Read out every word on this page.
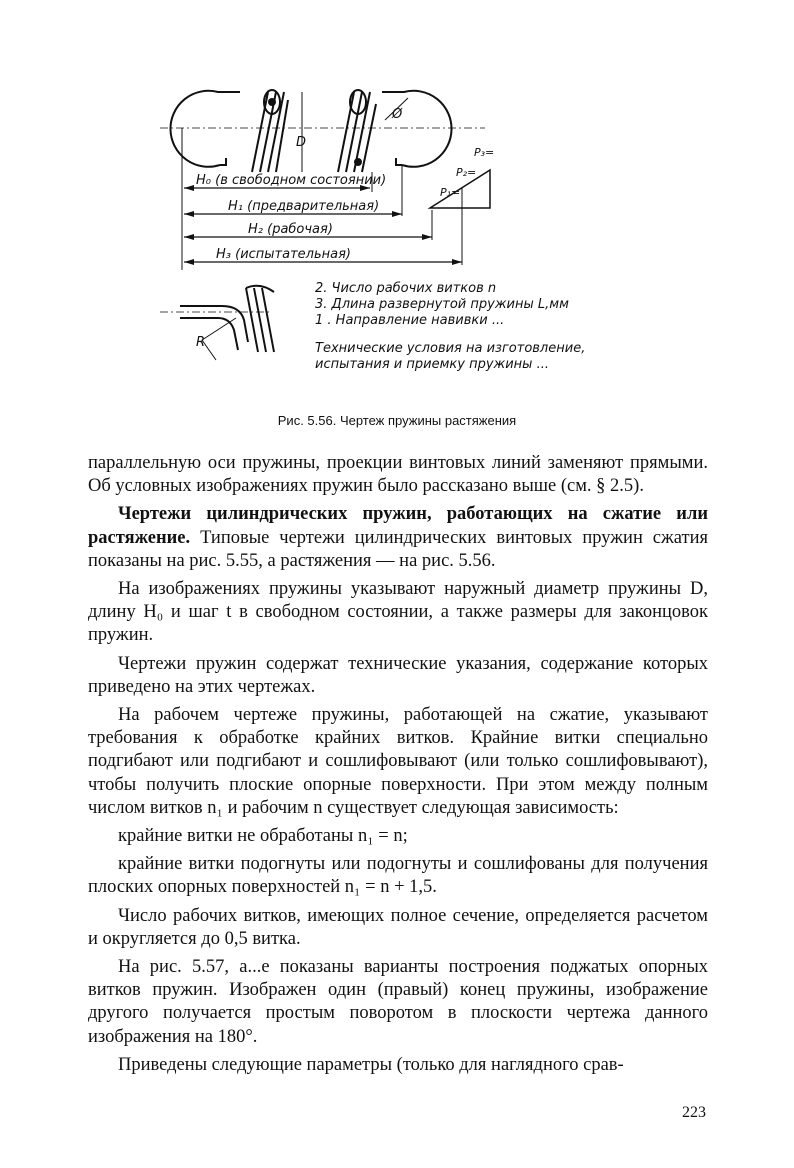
H₀ (в свободном состоянии)
H₁ (предварительная)
H₂ (рабочая)
H₃ (испытательная)
D
Ø
P₁=
P₂=
P₃=
R
2. Число рабочих витков n
3. Длина развернутой пружины L,мм
1 . Направление навивки ...
Технические условия на изготовление,
испытания и приемку пружины ...
Рис. 5.56. Чертеж пружины растяжения

параллельную оси пружины, проекции винтовых линий заменяют прямыми. Об условных изображениях пружин было рассказано выше (см. § 2.5).

Чертежи цилиндрических пружин, работающих на сжатие или растяжение. Типовые чертежи цилиндрических винтовых пружин сжатия показаны на рис. 5.55, а растяжения — на рис. 5.56.

На изображениях пружины указывают наружный диаметр пружины D, длину H₀ и шаг t в свободном состоянии, а также размеры для законцовок пружин.

Чертежи пружин содержат технические указания, содержание которых приведено на этих чертежах.

На рабочем чертеже пружины, работающей на сжатие, указывают требования к обработке крайних витков. Крайние витки специально подгибают или подгибают и сошлифовывают (или только сошлифовывают), чтобы получить плоские опорные поверхности. При этом между полным числом витков n₁ и рабочим n существует следующая зависимость:

крайние витки не обработаны n₁ = n;

крайние витки подогнуты или подогнуты и сошлифованы для получения плоских опорных поверхностей n₁ = n + 1,5.

Число рабочих витков, имеющих полное сечение, определяется расчетом и округляется до 0,5 витка.

На рис. 5.57, а...е показаны варианты построения поджатых опорных витков пружин. Изображен один (правый) конец пружины, изображение другого получается простым поворотом в плоскости чертежа данного изображения на 180°.

Приведены следующие параметры (только для наглядного срав-

223
